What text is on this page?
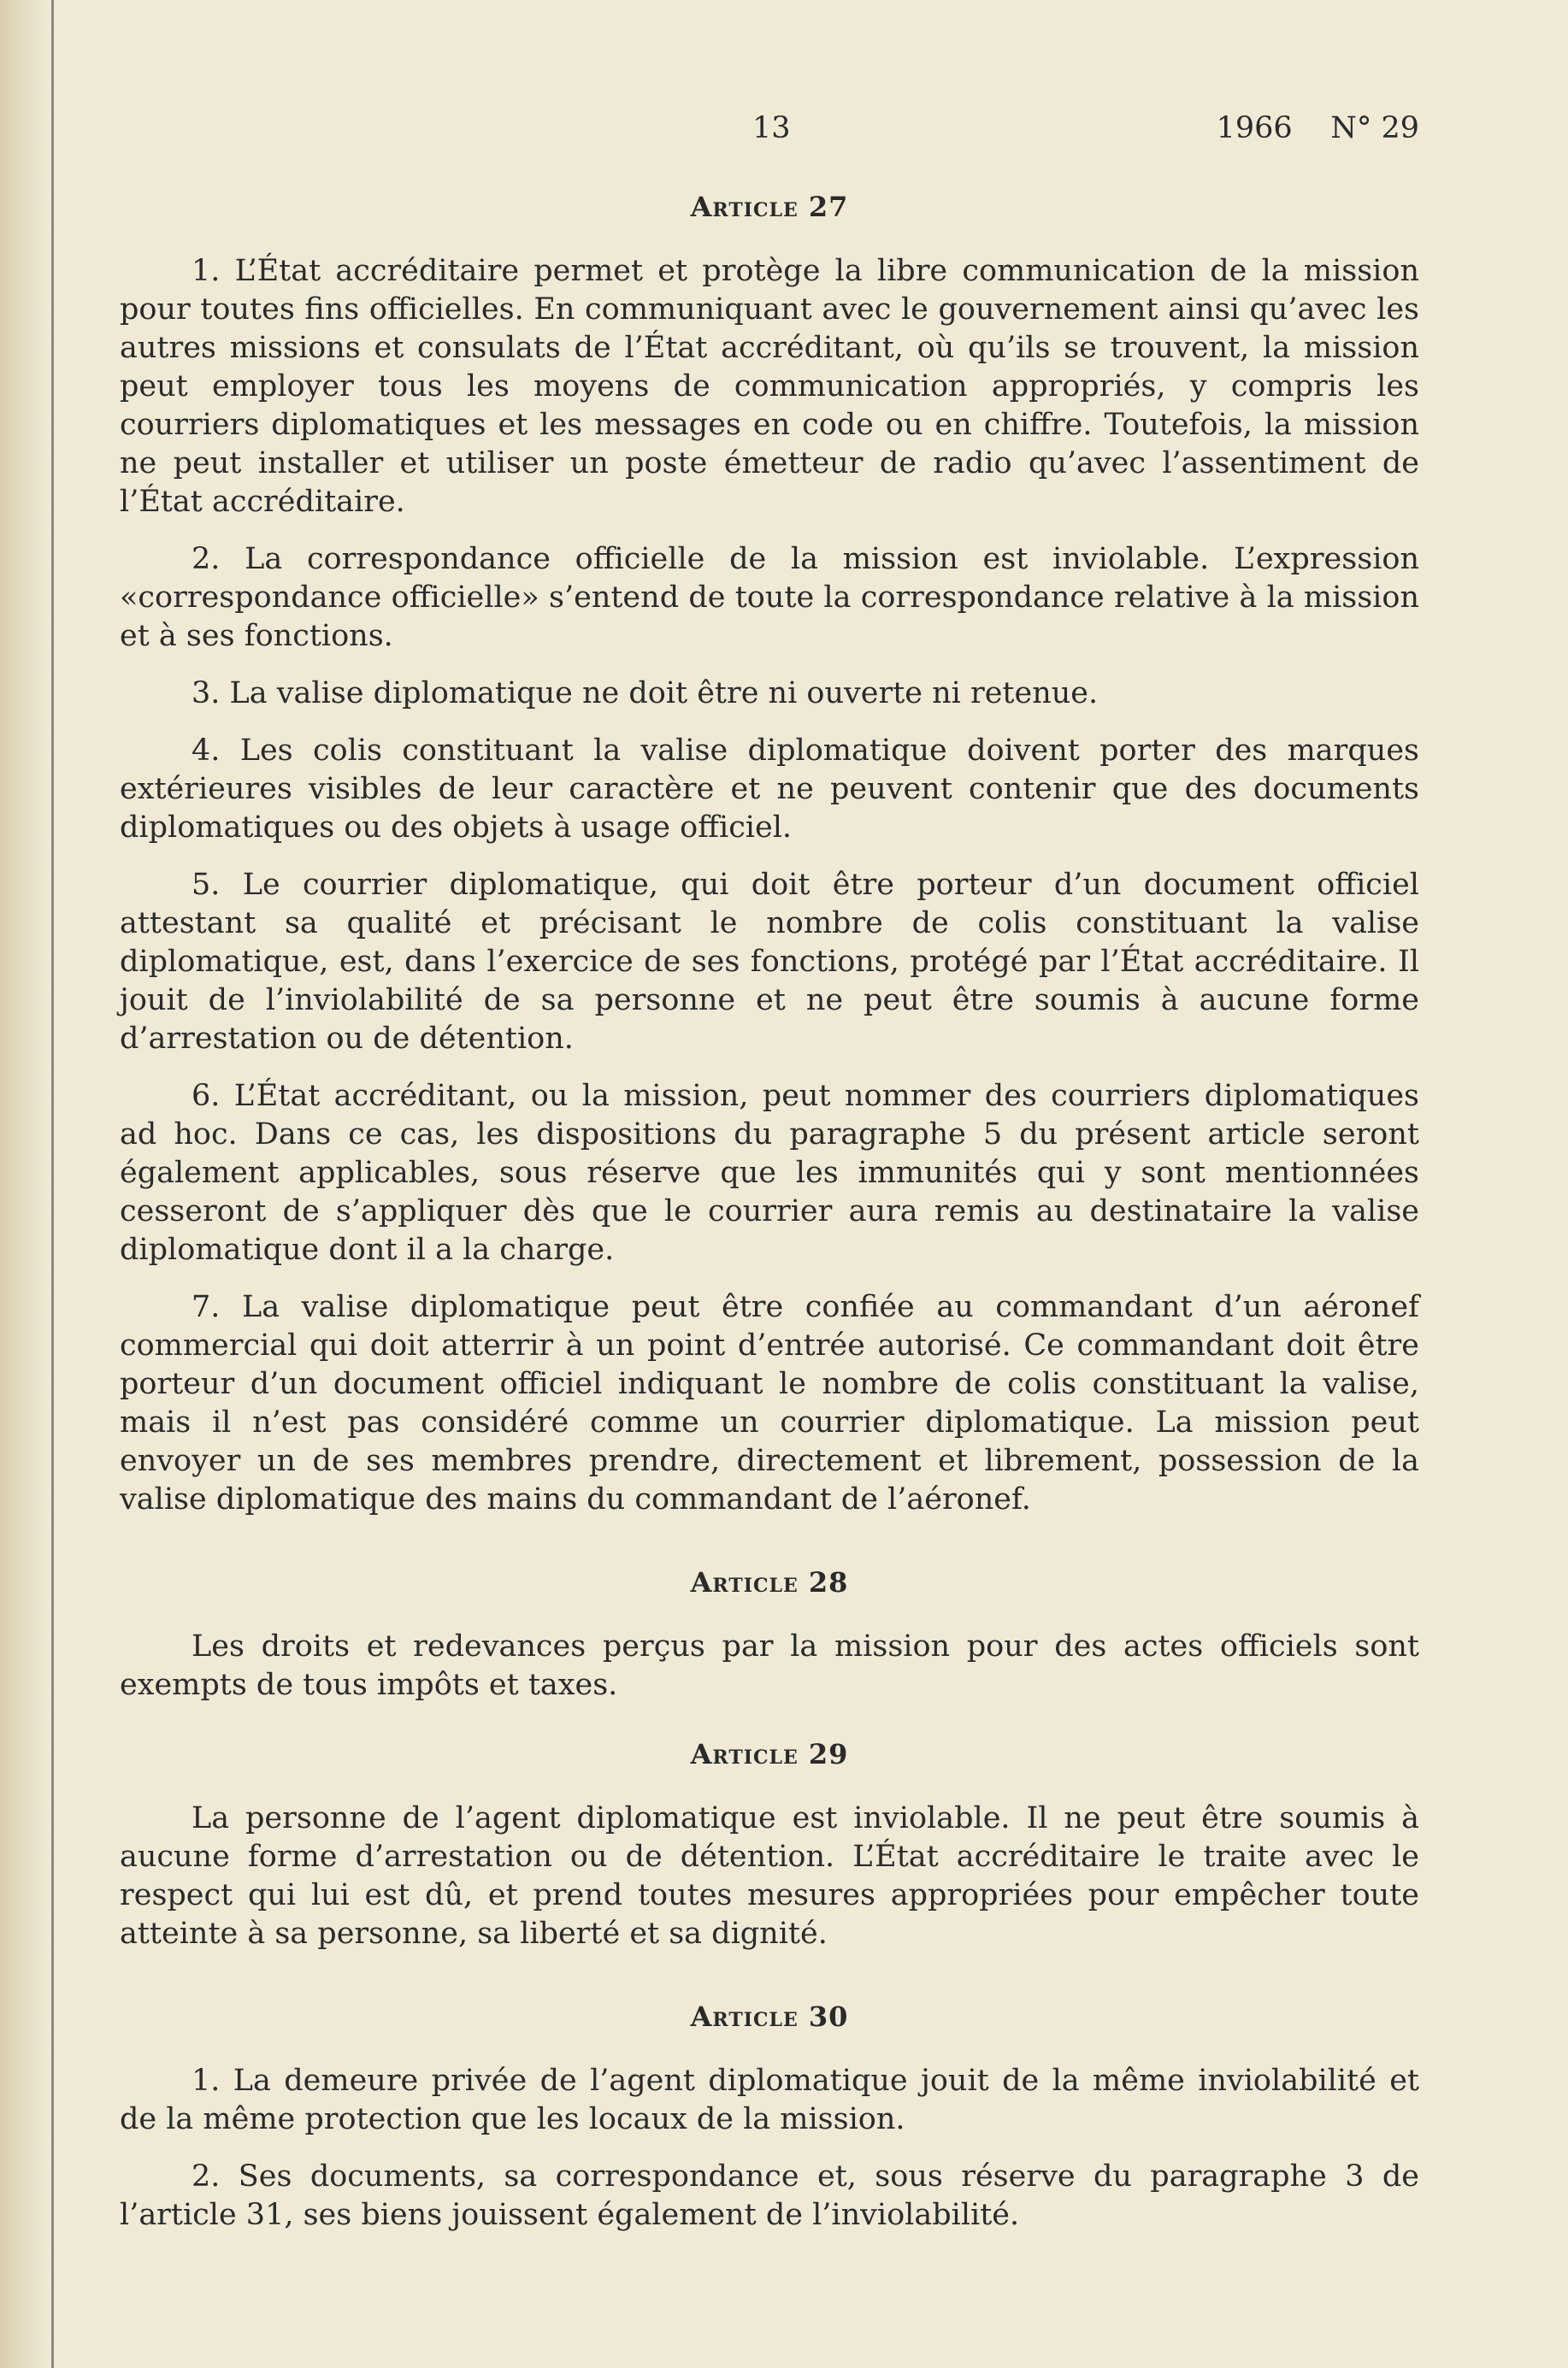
13	1966    N° 29
Article 27

1. L’État accréditaire permet et protège la libre communication de la mission pour toutes fins officielles. En communiquant avec le gouvernement ainsi qu’avec les autres missions et consulats de l’État accréditant, où qu’ils se trouvent, la mission peut employer tous les moyens de communication appropriés, y compris les courriers diplomatiques et les messages en code ou en chiffre. Toutefois, la mission ne peut installer et utiliser un poste émetteur de radio qu’avec l’assentiment de l’État accréditaire.

2. La correspondance officielle de la mission est inviolable. L’expression «correspondance officielle» s’entend de toute la correspondance relative à la mission et à ses fonctions.

3. La valise diplomatique ne doit être ni ouverte ni retenue.

4. Les colis constituant la valise diplomatique doivent porter des marques extérieures visibles de leur caractère et ne peuvent contenir que des documents diplomatiques ou des objets à usage officiel.

5. Le courrier diplomatique, qui doit être porteur d’un document officiel attestant sa qualité et précisant le nombre de colis constituant la valise diplomatique, est, dans l’exercice de ses fonctions, protégé par l’État accréditaire. Il jouit de l’inviolabilité de sa personne et ne peut être soumis à aucune forme d’arrestation ou de détention.

6. L’État accréditant, ou la mission, peut nommer des courriers diplomatiques ad hoc. Dans ce cas, les dispositions du paragraphe 5 du présent article seront également applicables, sous réserve que les immunités qui y sont mentionnées cesseront de s’appliquer dès que le courrier aura remis au destinataire la valise diplomatique dont il a la charge.

7. La valise diplomatique peut être confiée au commandant d’un aéronef commercial qui doit atterrir à un point d’entrée autorisé. Ce commandant doit être porteur d’un document officiel indiquant le nombre de colis constituant la valise, mais il n’est pas considéré comme un courrier diplomatique. La mission peut envoyer un de ses membres prendre, directement et librement, possession de la valise diplomatique des mains du commandant de l’aéronef.

Article 28

Les droits et redevances perçus par la mission pour des actes officiels sont exempts de tous impôts et taxes.

Article 29

La personne de l’agent diplomatique est inviolable. Il ne peut être soumis à aucune forme d’arrestation ou de détention. L’État accréditaire le traite avec le respect qui lui est dû, et prend toutes mesures appropriées pour empêcher toute atteinte à sa personne, sa liberté et sa dignité.

Article 30

1. La demeure privée de l’agent diplomatique jouit de la même inviolabilité et de la même protection que les locaux de la mission.

2. Ses documents, sa correspondance et, sous réserve du paragraphe 3 de l’article 31, ses biens jouissent également de l’inviolabilité.
